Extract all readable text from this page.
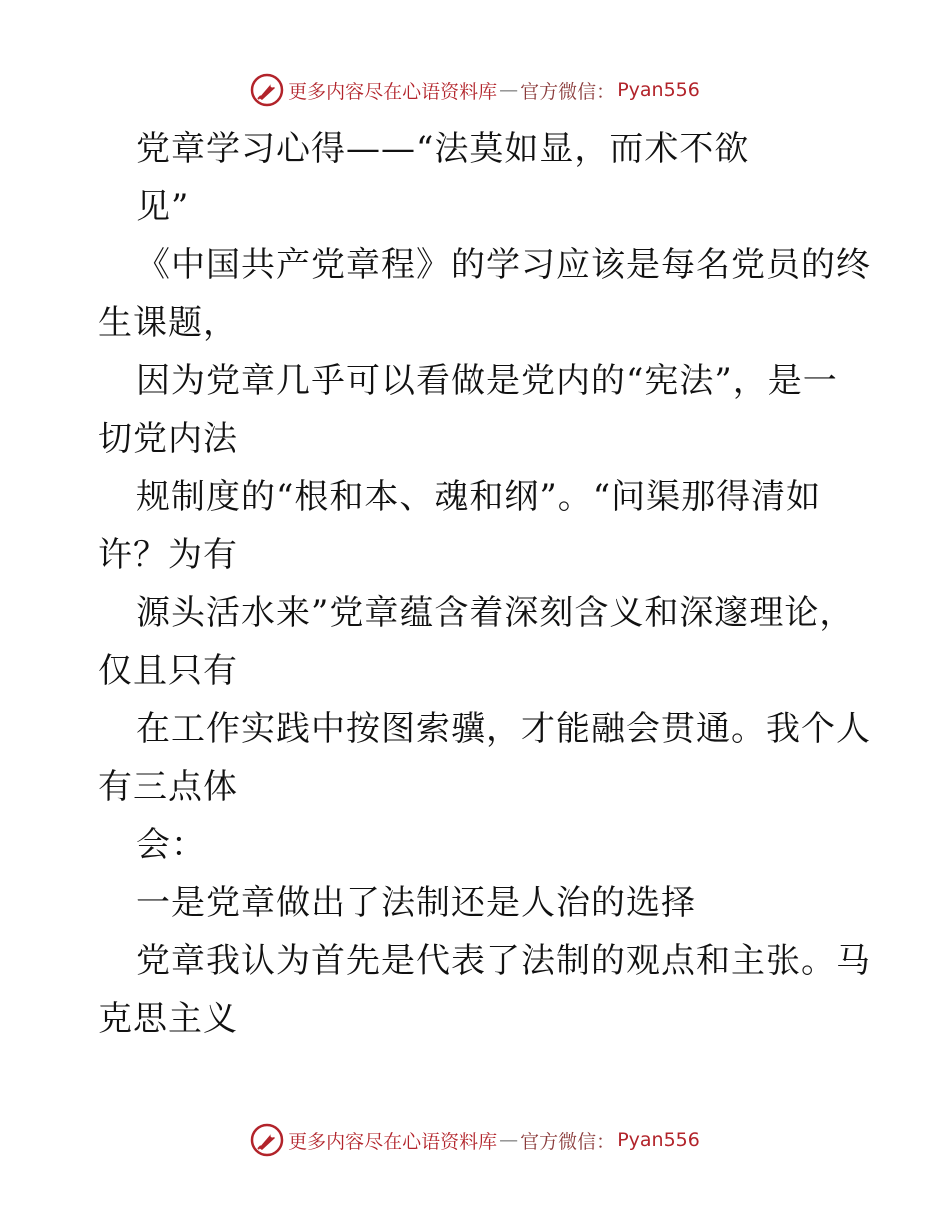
更多内容尽在心语资料库 — 官方微信： Pyan556
党章学习心得——“法莫如显，而术不欲
见”
《中国共产党章程》的学习应该是每名党员的终
生课题，
因为党章几乎可以看做是党内的“宪法”，是一
切党内法
规制度的“根和本、魂和纲”。“问渠那得清如
许？为有
源头活水来”党章蕴含着深刻含义和深邃理论，
仅且只有
在工作实践中按图索骥，才能融会贯通。我个人
有三点体
会：
一是党章做出了法制还是人治的选择
党章我认为首先是代表了法制的观点和主张。马
克思主义
更多内容尽在心语资料库 — 官方微信： Pyan556
